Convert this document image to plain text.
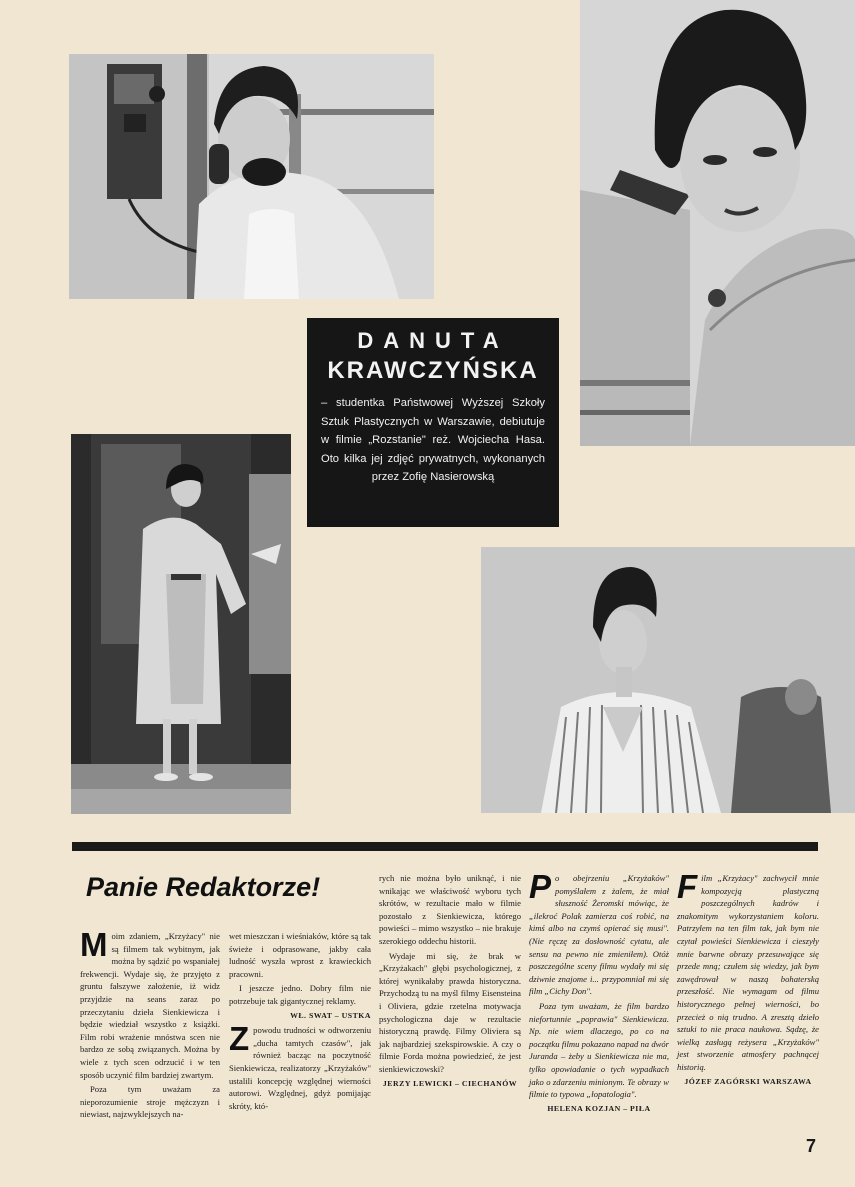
DANUTA

KRAWCZYŃSKA

– studentka Państwowej Wyższej Szkoły Sztuk Plastycznych w Warszawie, debiutuje w filmie „Rozstanie" reż. Wojciecha Hasa. Oto kilka jej zdjęć prywatnych, wykonanych przez Zofię Nasierowską

Panie Redaktorze!

Moim zdaniem, „Krzyżacy" nie są filmem tak wybitnym, jak można by sądzić po wspaniałej frekwencji. Wydaje się, że przyjęto z gruntu fałszywe założenie, iż widz przyjdzie na seans zaraz po przeczytaniu dzieła Sienkiewicza i będzie wiedział wszystko z książki. Film robi wrażenie mnóstwa scen nie bardzo ze sobą związanych. Można by wiele z tych scen odrzucić i w ten sposób uczynić film bardziej zwartym.

Poza tym uważam za nieporozumienie stroje mężczyzn i niewiast, najzwyklejszych na-

wet mieszczan i wieśniaków, które są tak świeże i odprasowane, jakby cała ludność wyszła wprost z krawieckich pracowni.

I jeszcze jedno. Dobry film nie potrzebuje tak gigantycznej reklamy.

WŁ. SWAT – USTKA

Zpowodu trudności w odtworzeniu „ducha tamtych czasów", jak również bacząc na poczytność Sienkiewicza, realizatorzy „Krzyżaków" ustalili koncepcję względnej wierności autorowi. Względnej, gdyż pomijając skróty, któ-

rych nie można było uniknąć, i nie wnikając we właściwość wyboru tych skrótów, w rezultacie mało w filmie pozostało z Sienkiewicza, którego powieści – mimo wszystko – nie brakuje szerokiego oddechu historii.

Wydaje mi się, że brak w „Krzyżakach" głębi psychologicznej, z której wynikałaby prawda historyczna. Przychodzą tu na myśl filmy Eisensteina i Oliviera, gdzie rzetelna motywacja psychologiczna daje w rezultacie historyczną prawdę. Filmy Oliviera są jak najbardziej szekspirowskie. A czy o filmie Forda można powiedzieć, że jest sienkiewiczowski?

JERZY LEWICKI – CIECHANÓW

Po obejrzeniu „Krzyżaków" pomyślałem z żalem, że miał słuszność Żeromski mówiąc, że „ilekroć Polak zamierza coś robić, na kimś albo na czymś opierać się musi". (Nie ręczę za dosłowność cytatu, ale sensu na pewno nie zmieniłem). Otóż poszczególne sceny filmu wydały mi się dziwnie znajome i... przypomniał mi się film „Cichy Don".

Poza tym uważam, że film bardzo niefortunnie „poprawia" Sienkiewicza. Np. nie wiem dlaczego, po co na początku filmu pokazano napad na dwór Juranda – żeby u Sienkiewicza nie ma, tylko opowiadanie o tych wypadkach jako o zdarzeniu minionym. Te obrazy w filmie to typowa „łopatologia".

HELENA KOZJAN – PIŁA

Film „Krzyżacy" zachwycił mnie kompozycją plastyczną poszczególnych kadrów i znakomitym wykorzystaniem koloru. Patrzyłem na ten film tak, jak bym nie czytał powieści Sienkiewicza i cieszyły mnie barwne obrazy przesuwające się przede mną; czułem się wiedzy, jak bym zawędrował w naszą bohaterską przeszłość. Nie wymagam od filmu historycznego pełnej wierności, bo przecież o nią trudno. A zresztą dzieło sztuki to nie praca naukowa. Sądzę, że wielką zasługą reżysera „Krzyżaków" jest stworzenie atmosfery pachnącej historią.

JÓZEF ZAGÓRSKI WARSZAWA

7
